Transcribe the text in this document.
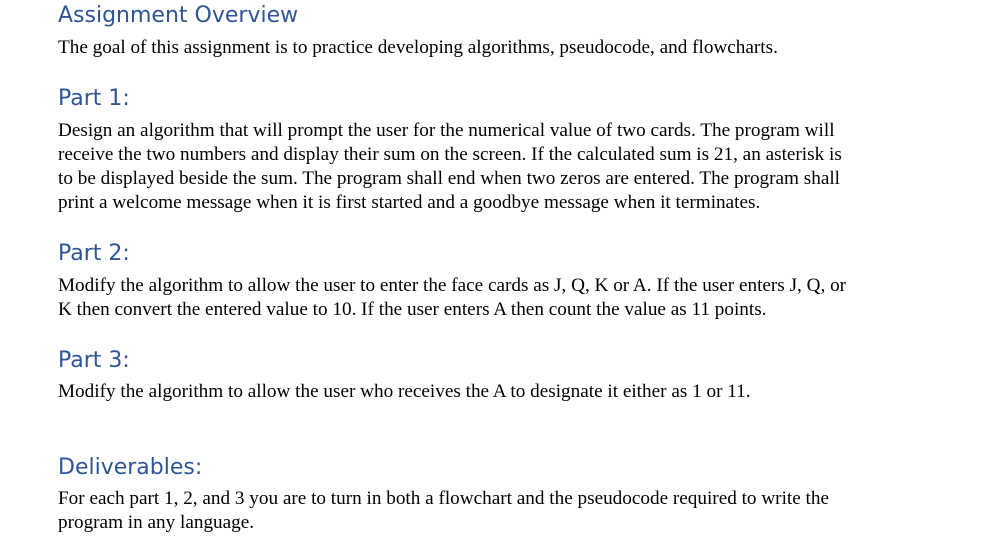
Assignment Overview

The goal of this assignment is to practice developing algorithms, pseudocode, and flowcharts.

Part 1:

Design an algorithm that will prompt the user for the numerical value of two cards. The program will
receive the two numbers and display their sum on the screen. If the calculated sum is 21, an asterisk is
to be displayed beside the sum. The program shall end when two zeros are entered. The program shall
print a welcome message when it is first started and a goodbye message when it terminates.

Part 2:

Modify the algorithm to allow the user to enter the face cards as J, Q, K or A. If the user enters J, Q, or
K then convert the entered value to 10. If the user enters A then count the value as 11 points.

Part 3:

Modify the algorithm to allow the user who receives the A to designate it either as 1 or 11.

Deliverables:

For each part 1, 2, and 3 you are to turn in both a flowchart and the pseudocode required to write the
program in any language.
